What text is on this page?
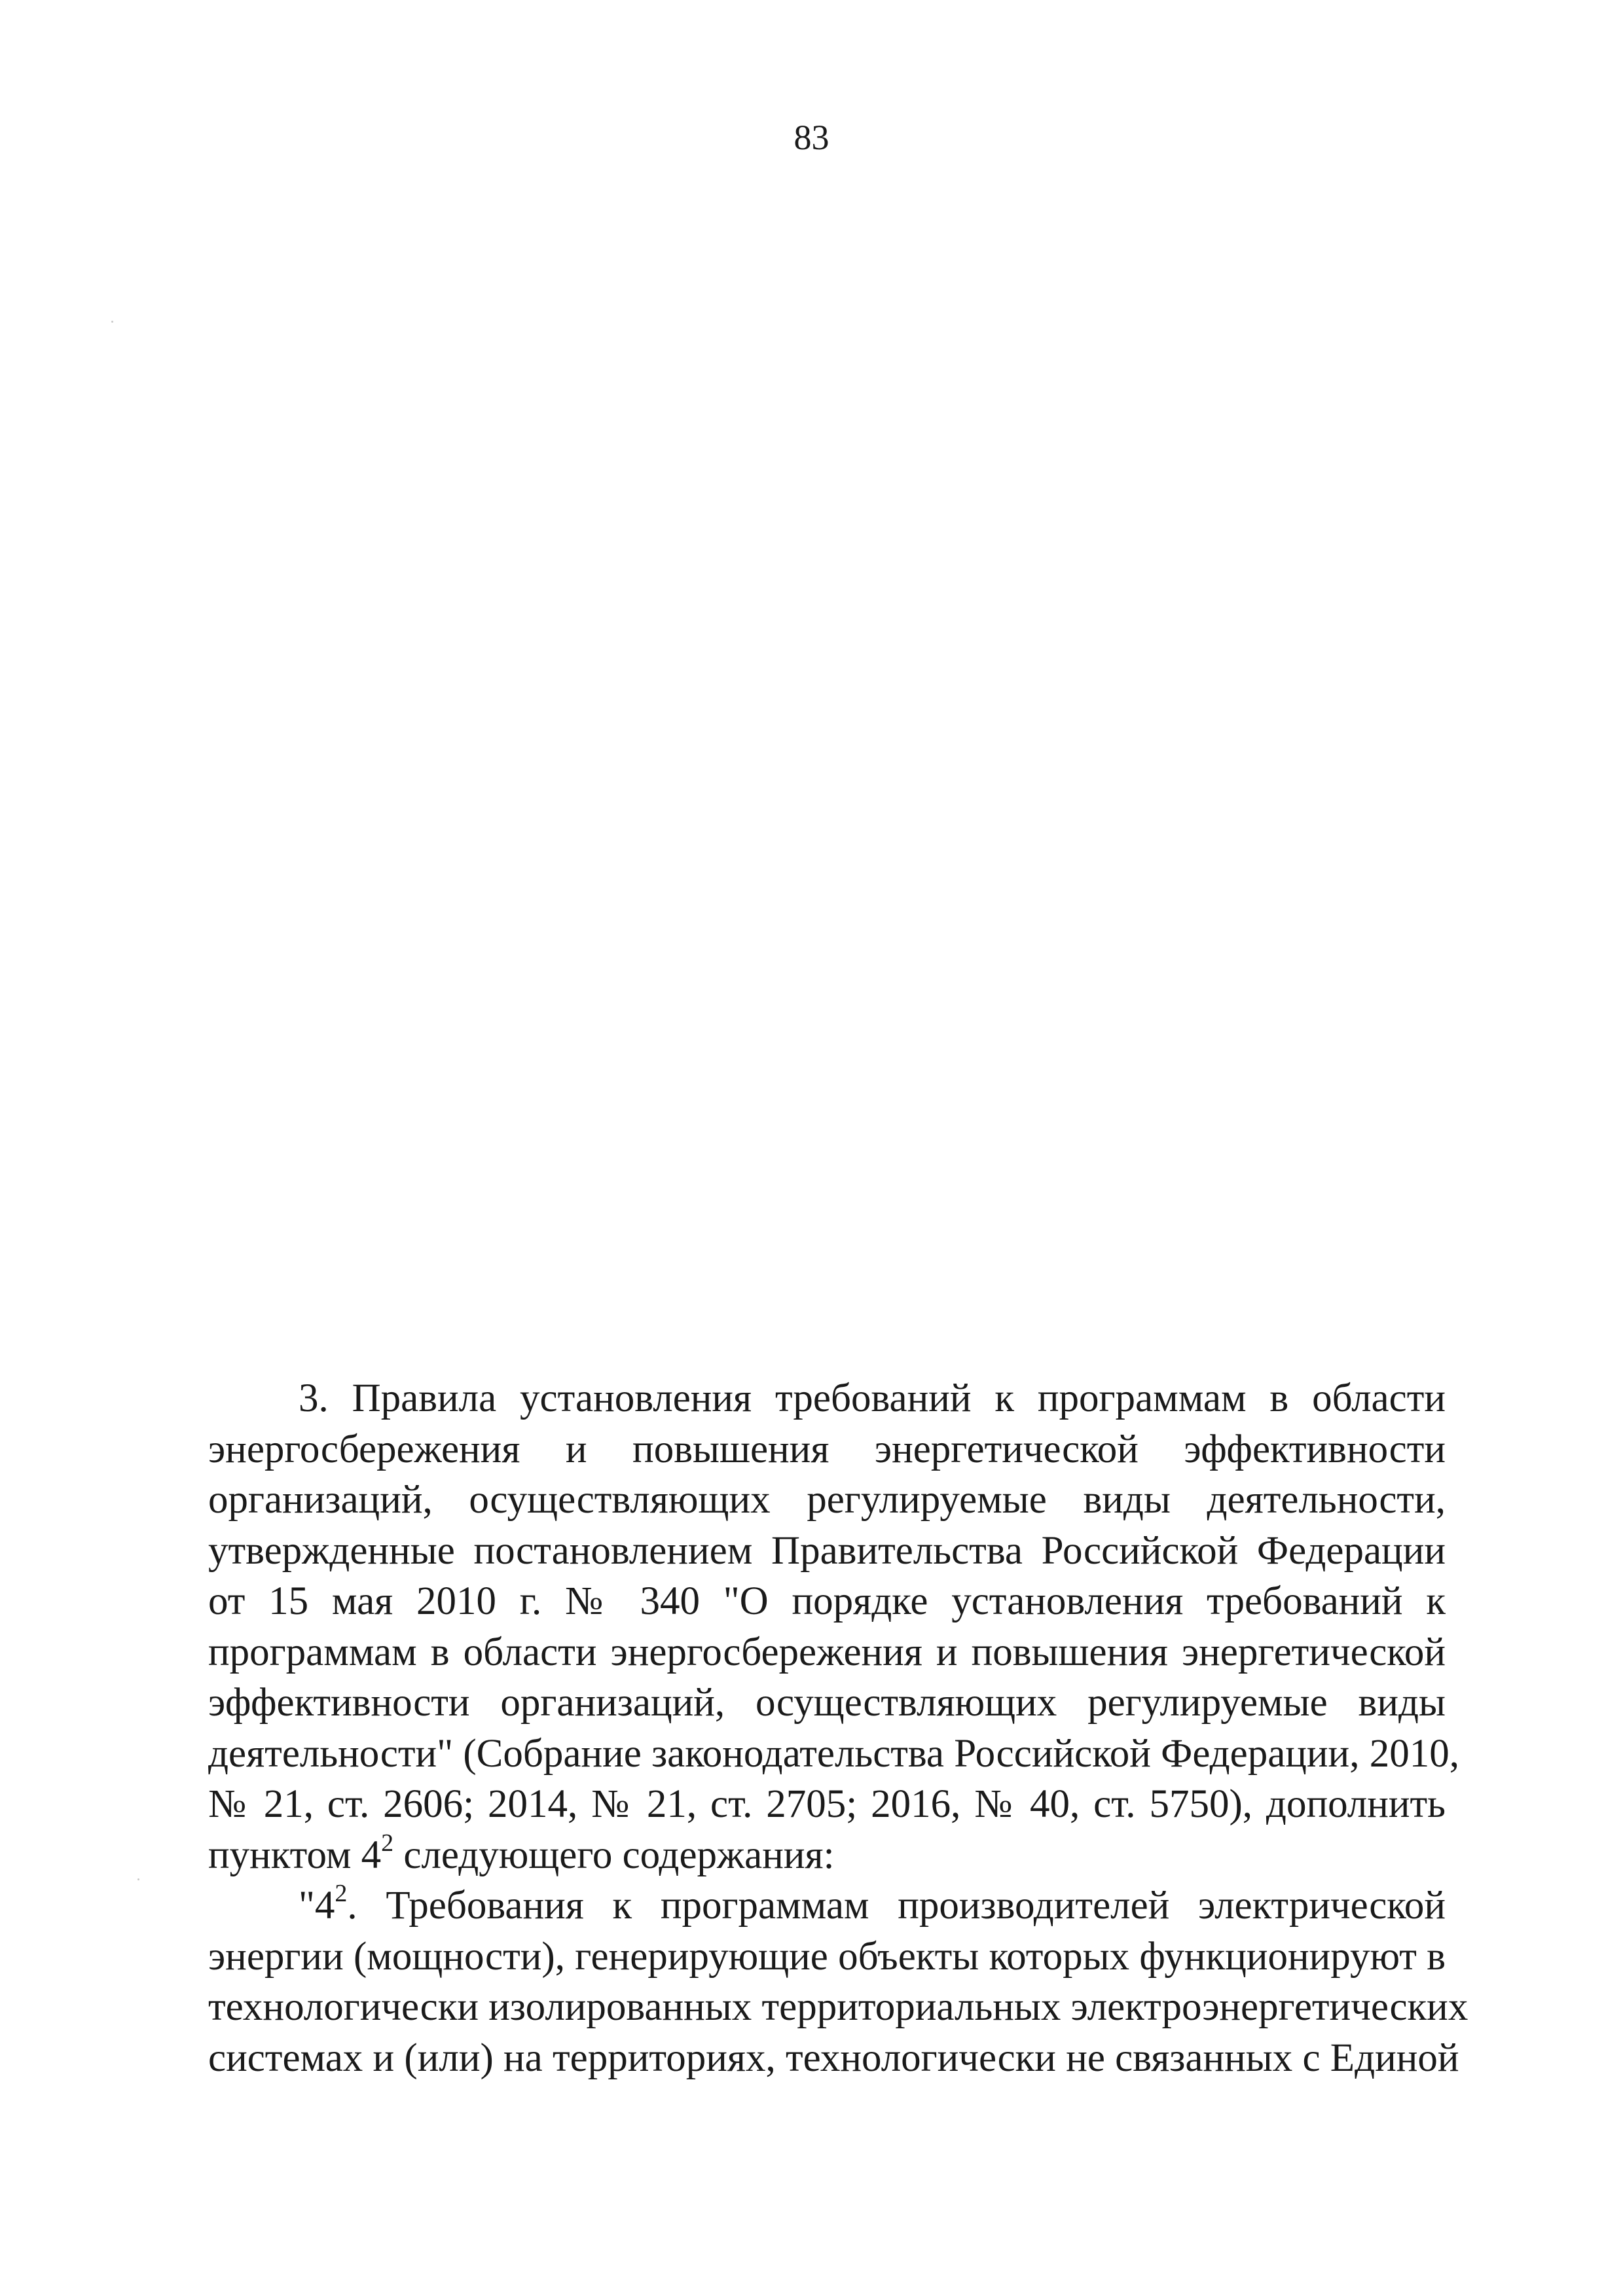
83
3. Правила установления требований к программам в области
энергосбережения и повышения энергетической эффективности
организаций, осуществляющих регулируемые виды деятельности,
утвержденные постановлением Правительства Российской Федерации
от 15 мая 2010 г. № 340 "О порядке установления требований к
программам в области энергосбережения и повышения энергетической
эффективности организаций, осуществляющих регулируемые виды
деятельности" (Собрание законодательства Российской Федерации, 2010,
№ 21, ст. 2606; 2014, № 21, ст. 2705; 2016, № 40, ст. 5750), дополнить
пунктом $4^2$ следующего содержания:
"$4^2$. Требования к программам производителей электрической
энергии (мощности), генерирующие объекты которых функционируют в
технологически изолированных территориальных электроэнергетических
системах и (или) на территориях, технологически не связанных с Единой
